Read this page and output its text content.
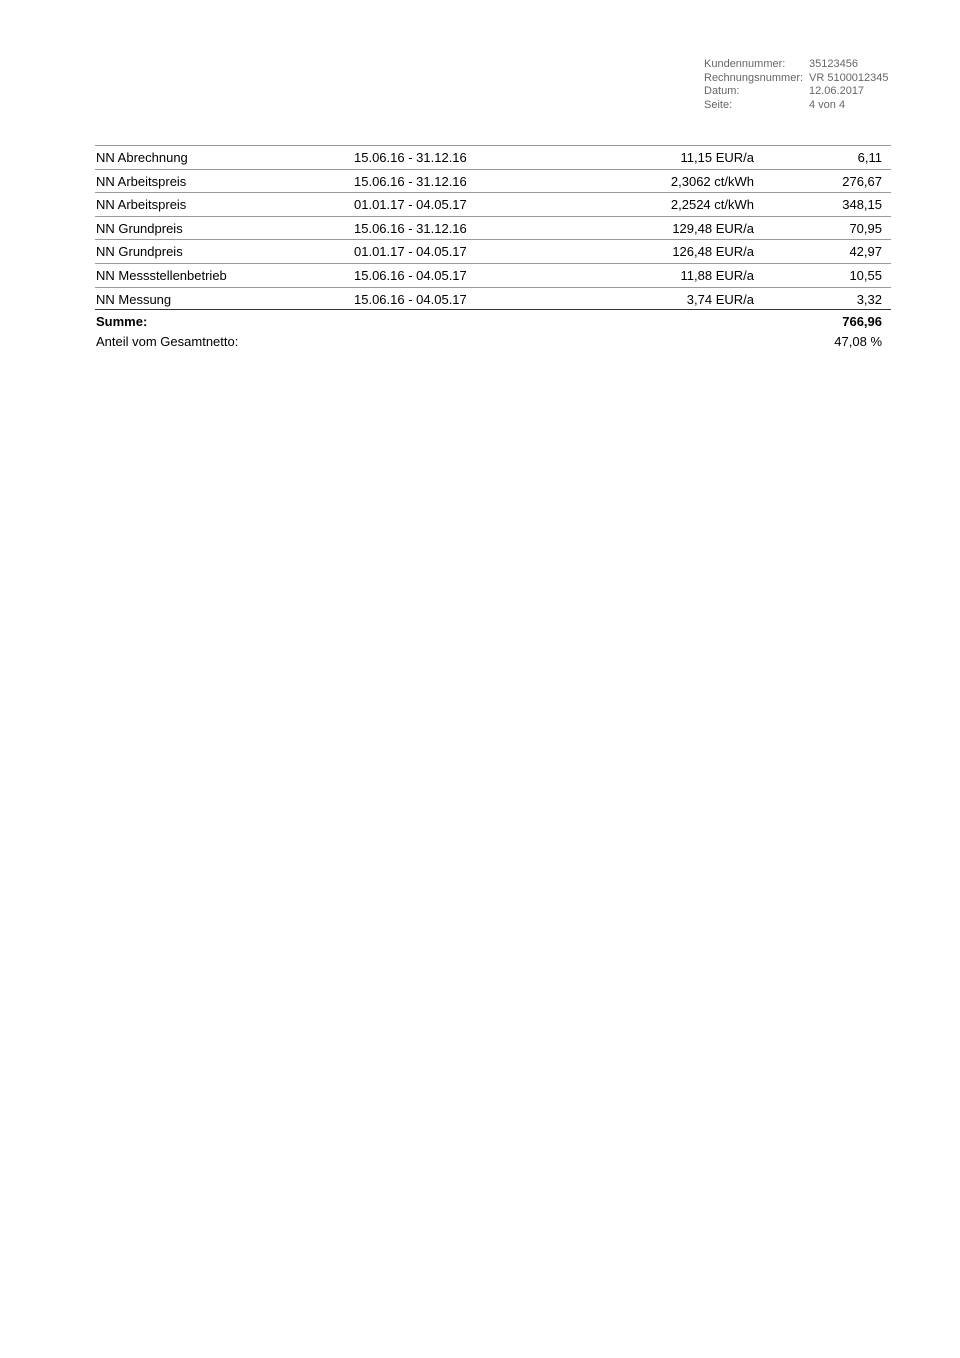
Kundennummer:	35123456
Rechnungsnummer: VR 5100012345
Datum:	12.06.2017
Seite:	4 von 4
NN Abrechnung	15.06.16 - 31.12.16	11,15 EUR/a	6,11
NN Arbeitspreis	15.06.16 - 31.12.16	2,3062 ct/kWh	276,67
NN Arbeitspreis	01.01.17 - 04.05.17	2,2524 ct/kWh	348,15
NN Grundpreis	15.06.16 - 31.12.16	129,48 EUR/a	70,95
NN Grundpreis	01.01.17 - 04.05.17	126,48 EUR/a	42,97
NN Messstellenbetrieb	15.06.16 - 04.05.17	11,88 EUR/a	10,55
NN Messung	15.06.16 - 04.05.17	3,74 EUR/a	3,32
Summe:	766,96
Anteil vom Gesamtnetto:	47,08 %
